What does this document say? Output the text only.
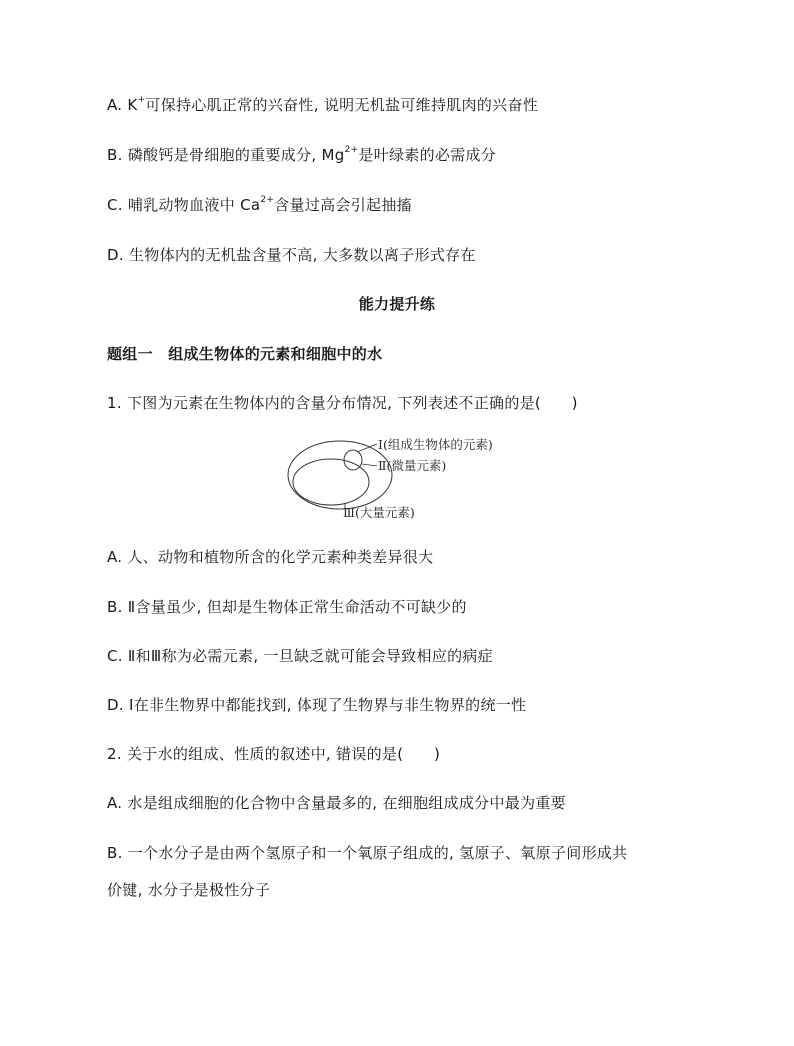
A. K+可保持心肌正常的兴奋性, 说明无机盐可维持肌肉的兴奋性
B. 磷酸钙是骨细胞的重要成分, $Mg^{2+}$是叶绿素的必需成分
C. 哺乳动物血液中 $Ca^{2+}$含量过高会引起抽搐
D. 生物体内的无机盐含量不高, 大多数以离子形式存在
能力提升练
题组一　组成生物体的元素和细胞中的水
1. 下图为元素在生物体内的含量分布情况, 下列表述不正确的是(　　)
Ⅰ(组成生物体的元素)
Ⅱ(微量元素)
Ⅲ(大量元素)
A. 人、动物和植物所含的化学元素种类差异很大
B. Ⅱ含量虽少, 但却是生物体正常生命活动不可缺少的
C. Ⅱ和Ⅲ称为必需元素, 一旦缺乏就可能会导致相应的病症
D. Ⅰ在非生物界中都能找到, 体现了生物界与非生物界的统一性
2. 关于水的组成、性质的叙述中, 错误的是(　　)
A. 水是组成细胞的化合物中含量最多的, 在细胞组成成分中最为重要
B. 一个水分子是由两个氢原子和一个氧原子组成的, 氢原子、氧原子间形成共
价键, 水分子是极性分子
